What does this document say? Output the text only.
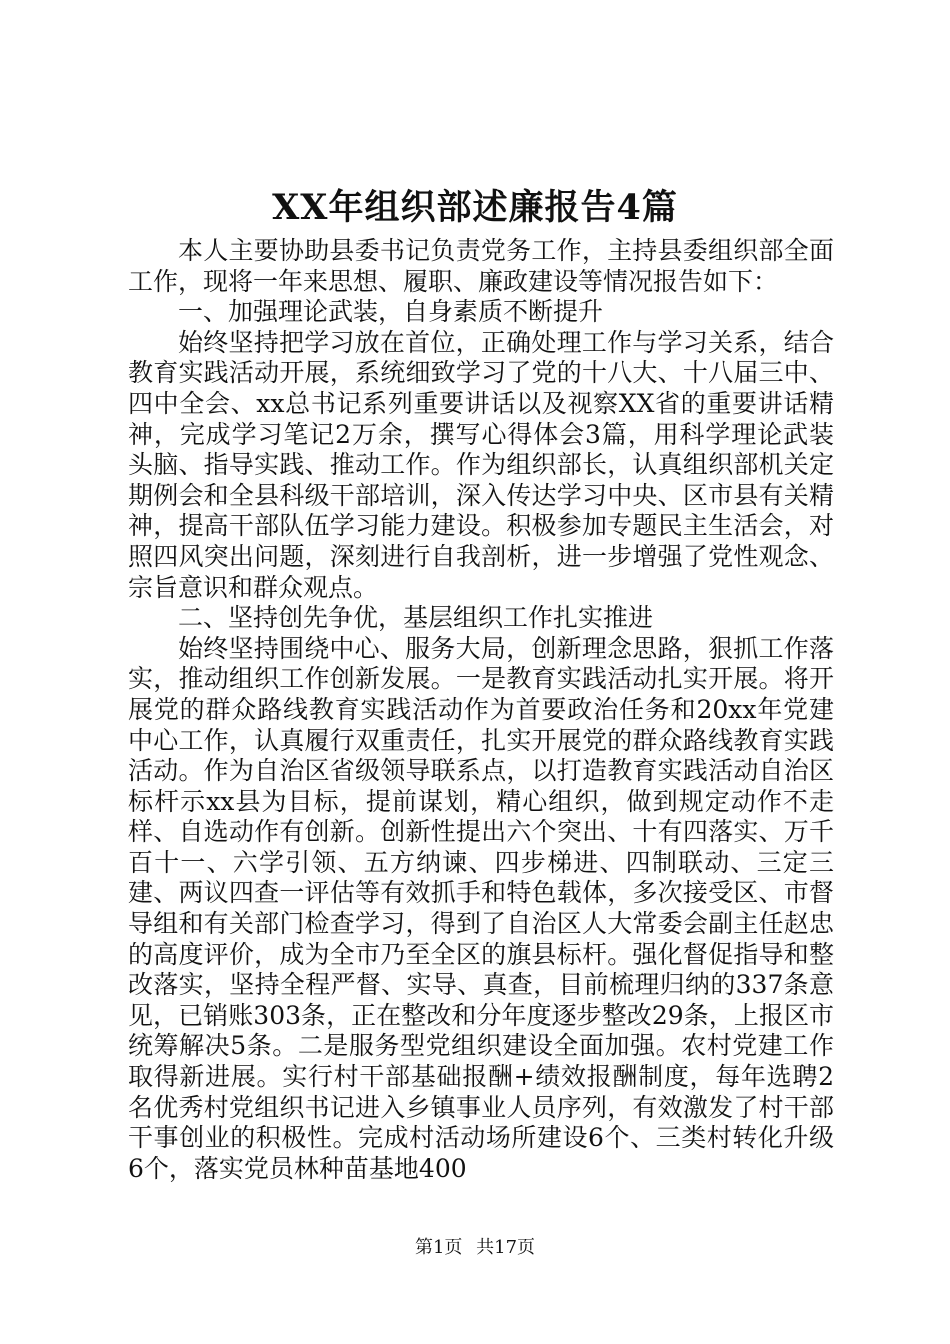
XX年组织部述廉报告4篇

本人主要协助县委书记负责党务工作，主持县委组织部全面工作，现将一年来思想、履职、廉政建设等情况报告如下：

一、加强理论武装，自身素质不断提升

始终坚持把学习放在首位，正确处理工作与学习关系，结合教育实践活动开展，系统细致学习了党的十八大、十八届三中、四中全会、xx总书记系列重要讲话以及视察XX省的重要讲话精神，完成学习笔记2万余，撰写心得体会3篇，用科学理论武装头脑、指导实践、推动工作。作为组织部长，认真组织部机关定期例会和全县科级干部培训，深入传达学习中央、区市县有关精神，提高干部队伍学习能力建设。积极参加专题民主生活会，对照四风突出问题，深刻进行自我剖析，进一步增强了党性观念、宗旨意识和群众观点。

二、坚持创先争优，基层组织工作扎实推进

始终坚持围绕中心、服务大局，创新理念思路，狠抓工作落实，推动组织工作创新发展。一是教育实践活动扎实开展。将开展党的群众路线教育实践活动作为首要政治任务和20xx年党建中心工作，认真履行双重责任，扎实开展党的群众路线教育实践活动。作为自治区省级领导联系点，以打造教育实践活动自治区标杆示xx县为目标，提前谋划，精心组织，做到规定动作不走样、自选动作有创新。创新性提出六个突出、十有四落实、万千百十一、六学引领、五方纳谏、四步梯进、四制联动、三定三建、两议四查一评估等有效抓手和特色载体，多次接受区、市督导组和有关部门检查学习，得到了自治区人大常委会副主任赵忠的高度评价，成为全市乃至全区的旗县标杆。强化督促指导和整改落实，坚持全程严督、实导、真查，目前梳理归纳的337条意见，已销账303条，正在整改和分年度逐步整改29条，上报区市统筹解决5条。二是服务型党组织建设全面加强。农村党建工作取得新进展。实行村干部基础报酬+绩效报酬制度，每年选聘2名优秀村党组织书记进入乡镇事业人员序列，有效激发了村干部干事创业的积极性。完成村活动场所建设6个、三类村转化升级6个，落实党员林种苗基地400

第1页 共17页
